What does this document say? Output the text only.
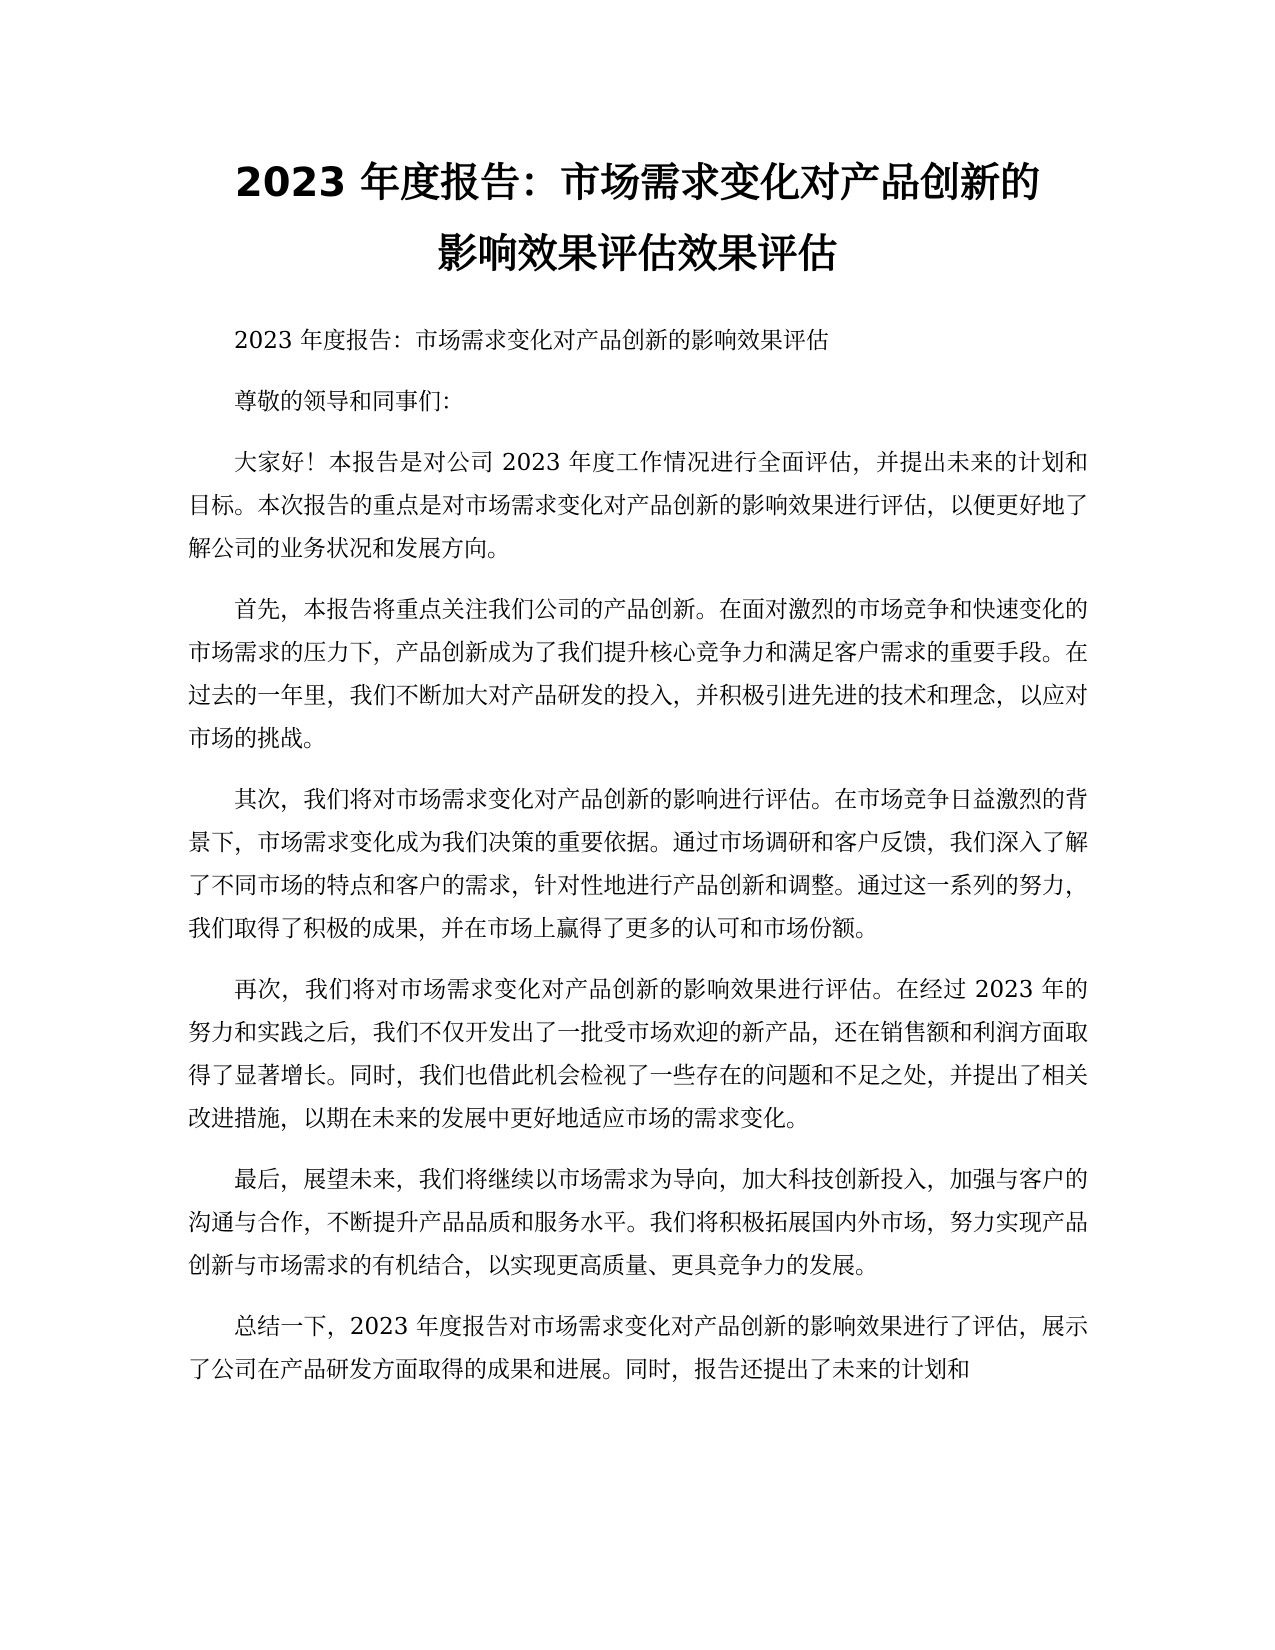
2023 年度报告：市场需求变化对产品创新的
影响效果评估效果评估

2023 年度报告：市场需求变化对产品创新的影响效果评估

尊敬的领导和同事们：

大家好！本报告是对公司 2023 年度工作情况进行全面评估，并提出未来的计划和目标。本次报告的重点是对市场需求变化对产品创新的影响效果进行评估，以便更好地了解公司的业务状况和发展方向。

首先，本报告将重点关注我们公司的产品创新。在面对激烈的市场竞争和快速变化的市场需求的压力下，产品创新成为了我们提升核心竞争力和满足客户需求的重要手段。在过去的一年里，我们不断加大对产品研发的投入，并积极引进先进的技术和理念，以应对市场的挑战。

其次，我们将对市场需求变化对产品创新的影响进行评估。在市场竞争日益激烈的背景下，市场需求变化成为我们决策的重要依据。通过市场调研和客户反馈，我们深入了解了不同市场的特点和客户的需求，针对性地进行产品创新和调整。通过这一系列的努力，我们取得了积极的成果，并在市场上赢得了更多的认可和市场份额。

再次，我们将对市场需求变化对产品创新的影响效果进行评估。在经过 2023 年的努力和实践之后，我们不仅开发出了一批受市场欢迎的新产品，还在销售额和利润方面取得了显著增长。同时，我们也借此机会检视了一些存在的问题和不足之处，并提出了相关改进措施，以期在未来的发展中更好地适应市场的需求变化。

最后，展望未来，我们将继续以市场需求为导向，加大科技创新投入，加强与客户的沟通与合作，不断提升产品品质和服务水平。我们将积极拓展国内外市场，努力实现产品创新与市场需求的有机结合，以实现更高质量、更具竞争力的发展。

总结一下，2023 年度报告对市场需求变化对产品创新的影响效果进行了评估，展示了公司在产品研发方面取得的成果和进展。同时，报告还提出了未来的计划和
